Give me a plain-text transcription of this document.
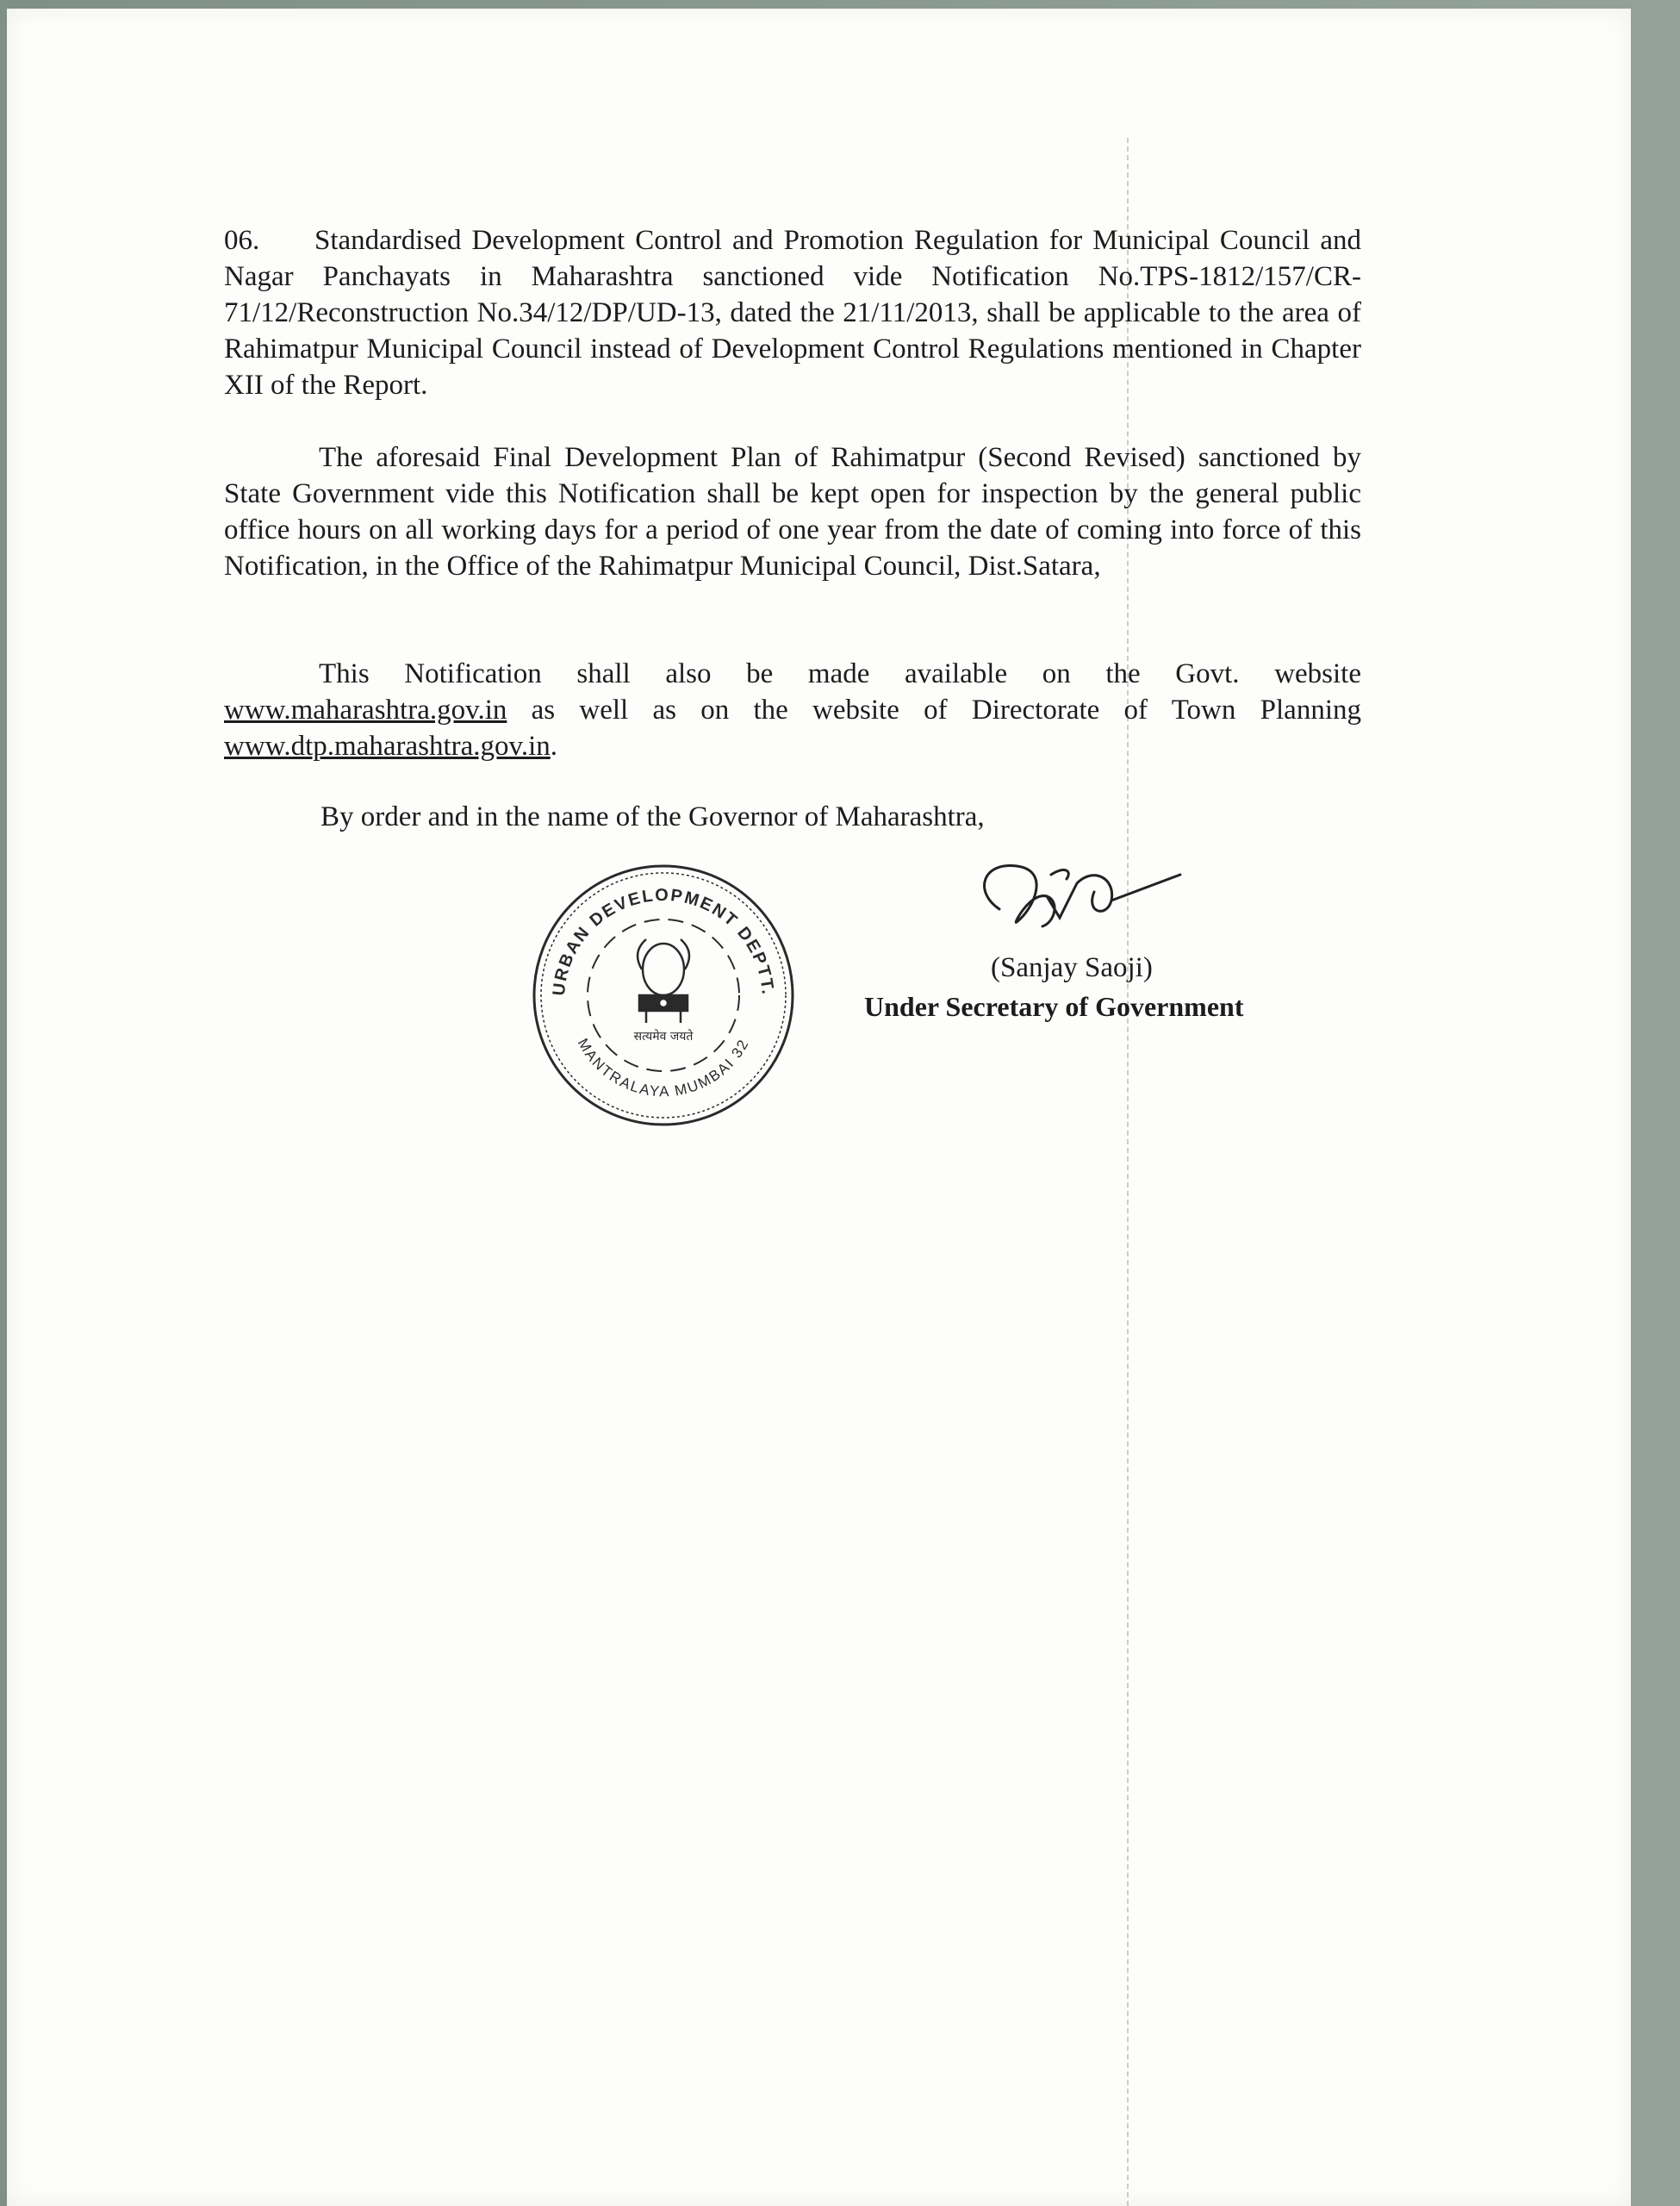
06. Standardised Development Control and Promotion Regulation for Municipal Council and Nagar Panchayats in Maharashtra sanctioned vide Notification No.TPS-1812/157/CR-71/12/Reconstruction No.34/12/DP/UD-13, dated the 21/11/2013, shall be applicable to the area of Rahimatpur Municipal Council instead of Development Control Regulations mentioned in Chapter XII of the Report.
The aforesaid Final Development Plan of Rahimatpur (Second Revised) sanctioned by State Government vide this Notification shall be kept open for inspection by the general public office hours on all working days for a period of one year from the date of coming into force of this Notification, in the Office of the Rahimatpur Municipal Council, Dist.Satara,
This Notification shall also be made available on the Govt. website www.maharashtra.gov.in as well as on the website of Directorate of Town Planning www.dtp.maharashtra.gov.in.
By order and in the name of the Governor of Maharashtra,
URBAN DEVELOPMENT DEPTT.
MANTRALAYA MUMBAI 32
सत्यमेव जयते
(Sanjay Saoji)
Under Secretary of Government
